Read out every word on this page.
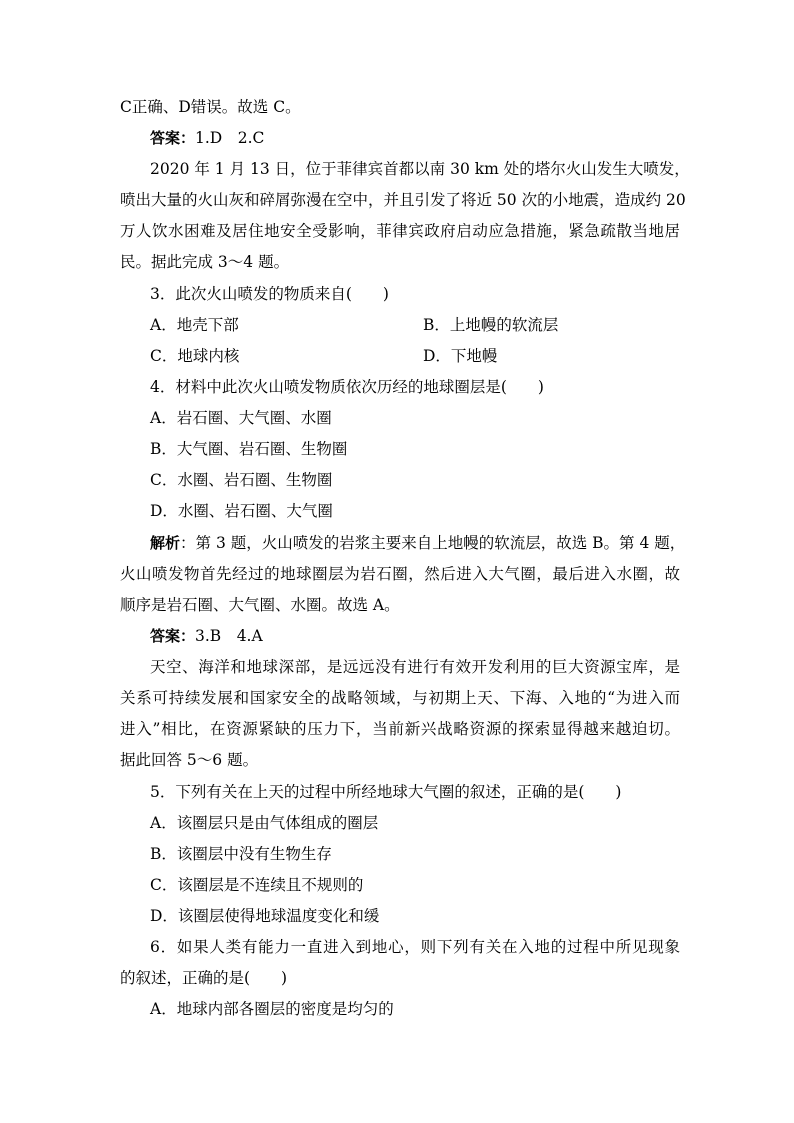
C正确、D错误。故选 C。
答案：1.D　2.C
2020 年 1 月 13 日，位于菲律宾首都以南 30 km 处的塔尔火山发生大喷发，
喷出大量的火山灰和碎屑弥漫在空中，并且引发了将近 50 次的小地震，造成约 20
万人饮水困难及居住地安全受影响，菲律宾政府启动应急措施，紧急疏散当地居
民。据此完成 3～4 题。
3．此次火山喷发的物质来自(　　)
A．地壳下部	B．上地幔的软流层
C．地球内核	D．下地幔
4．材料中此次火山喷发物质依次历经的地球圈层是(　　)
A．岩石圈、大气圈、水圈
B．大气圈、岩石圈、生物圈
C．水圈、岩石圈、生物圈
D．水圈、岩石圈、大气圈
解析：第 3 题，火山喷发的岩浆主要来自上地幔的软流层，故选 B。第 4 题，
火山喷发物首先经过的地球圈层为岩石圈，然后进入大气圈，最后进入水圈，故
顺序是岩石圈、大气圈、水圈。故选 A。
答案：3.B　4.A
天空、海洋和地球深部，是远远没有进行有效开发利用的巨大资源宝库，是
关系可持续发展和国家安全的战略领域，与初期上天、下海、入地的“为进入而
进入”相比，在资源紧缺的压力下，当前新兴战略资源的探索显得越来越迫切。
据此回答 5～6 题。
5．下列有关在上天的过程中所经地球大气圈的叙述，正确的是(　　)
A．该圈层只是由气体组成的圈层
B．该圈层中没有生物生存
C．该圈层是不连续且不规则的
D．该圈层使得地球温度变化和缓
6．如果人类有能力一直进入到地心，则下列有关在入地的过程中所见现象
的叙述，正确的是(　　)
A．地球内部各圈层的密度是均匀的
